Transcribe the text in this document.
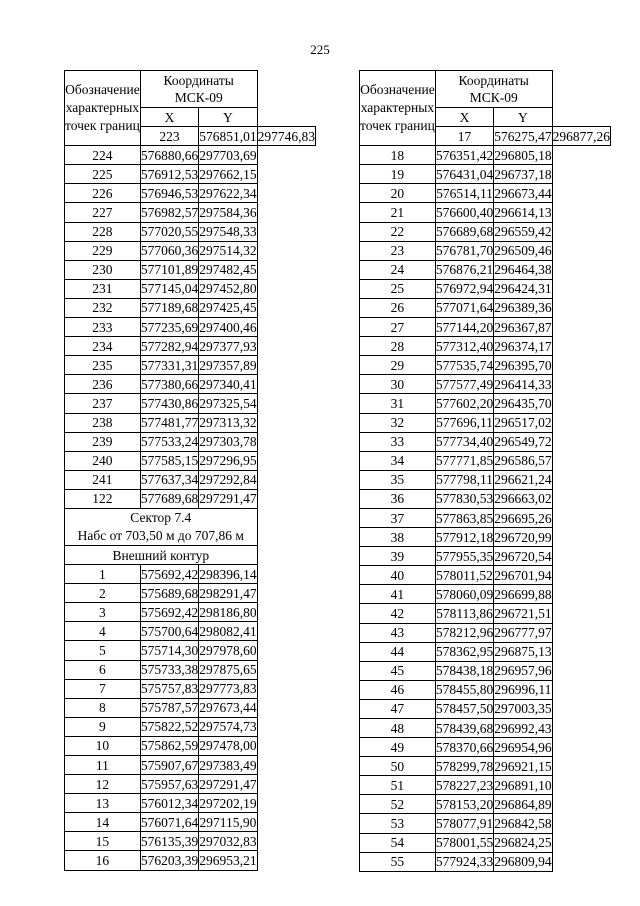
225
Обозначение
характерных
точек границ	Координаты
МСК-09		
	X	Y	
	223	576851,01	297746,83
224	576880,66	297703,69	
225	576912,53	297662,15	
226	576946,53	297622,34	
227	576982,57	297584,36	
228	577020,55	297548,33	
229	577060,36	297514,32	
230	577101,89	297482,45	
231	577145,04	297452,80	
232	577189,68	297425,45	
233	577235,69	297400,46	
234	577282,94	297377,93	
235	577331,31	297357,89	
236	577380,66	297340,41	
237	577430,86	297325,54	
238	577481,77	297313,32	
239	577533,24	297303,78	
240	577585,15	297296,95	
241	577637,34	297292,84	
122	577689,68	297291,47	
Сектор 7.4
Набс от 703,50 м до 707,86 м			
Внешний контур			
1	575692,42	298396,14	
2	575689,68	298291,47	
3	575692,42	298186,80	
4	575700,64	298082,41	
5	575714,30	297978,60	
6	575733,38	297875,65	
7	575757,83	297773,83	
8	575787,57	297673,44	
9	575822,52	297574,73	
10	575862,59	297478,00	
11	575907,67	297383,49	
12	575957,63	297291,47	
13	576012,34	297202,19	
14	576071,64	297115,90	
15	576135,39	297032,83	
16	576203,39	296953,21	
Обозначение
характерных
точек границ	Координаты
МСК-09		
	X	Y	
	17	576275,47	296877,26
18	576351,42	296805,18	
19	576431,04	296737,18	
20	576514,11	296673,44	
21	576600,40	296614,13	
22	576689,68	296559,42	
23	576781,70	296509,46	
24	576876,21	296464,38	
25	576972,94	296424,31	
26	577071,64	296389,36	
27	577144,20	296367,87	
28	577312,40	296374,17	
29	577535,74	296395,70	
30	577577,49	296414,33	
31	577602,20	296435,70	
32	577696,11	296517,02	
33	577734,40	296549,72	
34	577771,85	296586,57	
35	577798,11	296621,24	
36	577830,53	296663,02	
37	577863,85	296695,26	
38	577912,18	296720,99	
39	577955,35	296720,54	
40	578011,52	296701,94	
41	578060,09	296699,88	
42	578113,86	296721,51	
43	578212,96	296777,97	
44	578362,95	296875,13	
45	578438,18	296957,96	
46	578455,80	296996,11	
47	578457,50	297003,35	
48	578439,68	296992,43	
49	578370,66	296954,96	
50	578299,78	296921,15	
51	578227,23	296891,10	
52	578153,20	296864,89	
53	578077,91	296842,58	
54	578001,55	296824,25	
55	577924,33	296809,94	
